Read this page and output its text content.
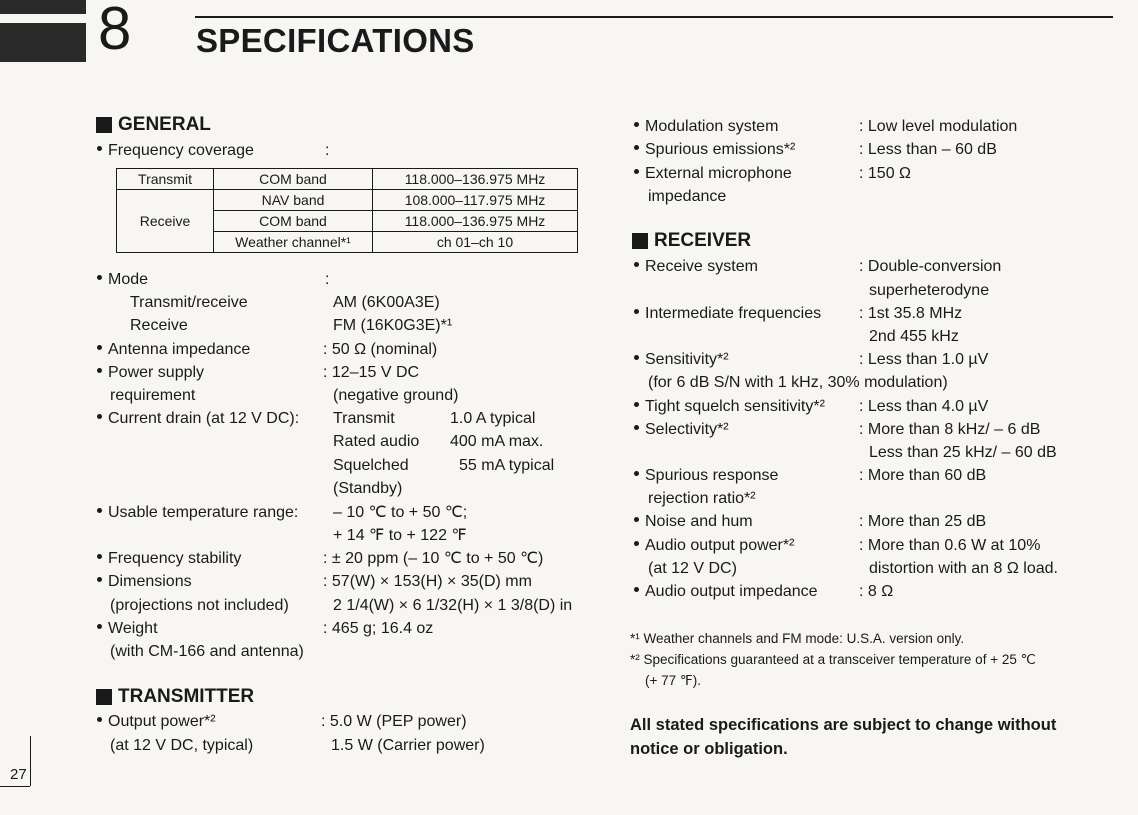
8 SPECIFICATIONS
GENERAL
Frequency coverage	:
Transmit	COM band	118.000–136.975 MHz
Receive	NAV band	108.000–117.975 MHz
	COM band	118.000–136.975 MHz
	Weather channel*¹	ch 01–ch 10
Mode	:
Transmit/receive	AM (6K00A3E)
Receive	FM (16K0G3E)*¹
Antenna impedance	: 50 Ω (nominal)
Power supply
requirement
: 12–15 V DC
(negative ground)
Current drain (at 12 V DC): Transmit	1.0 A typical
Rated audio 400 mA max.
Squelched	55 mA typical
(Standby)
Usable temperature range: – 10 ℃ to + 50 ℃;
+ 14 ℉ to + 122 ℉
Frequency stability	: ± 20 ppm (– 10 ℃ to + 50 ℃)
Dimensions	: 57(W) × 153(H) × 35(D) mm
(projections not included)	2 1/4(W) × 6 1/32(H) × 1 3/8(D) in
Weight	: 465 g; 16.4 oz
(with CM-166 and antenna)
TRANSMITTER
Output power*²
(at 12 V DC, typical)
: 5.0 W (PEP power)
1.5 W (Carrier power)
Modulation system	: Low level modulation
Spurious emissions*²	: Less than – 60 dB
External microphone
impedance
: 150 Ω
RECEIVER
Receive system	: Double-conversion
superheterodyne
Intermediate frequencies : 1st 35.8 MHz
2nd 455 kHz
Sensitivity*²	: Less than 1.0 µV
(for 6 dB S/N with 1 kHz, 30% modulation)
Tight squelch sensitivity*² : Less than 4.0 µV
Selectivity*²	: More than 8 kHz/ – 6 dB
Less than 25 kHz/ – 60 dB
Spurious response
rejection ratio*²
: More than 60 dB
Noise and hum	: More than 25 dB
Audio output power*²
(at 12 V DC)
: More than 0.6 W at 10%
distortion with an 8 Ω load.
Audio output impedance	: 8 Ω
*¹ Weather channels and FM mode: U.S.A. version only.
*² Specifications guaranteed at a transceiver temperature of + 25 ℃
(+ 77 ℉).
All stated specifications are subject to change without
notice or obligation.
27
